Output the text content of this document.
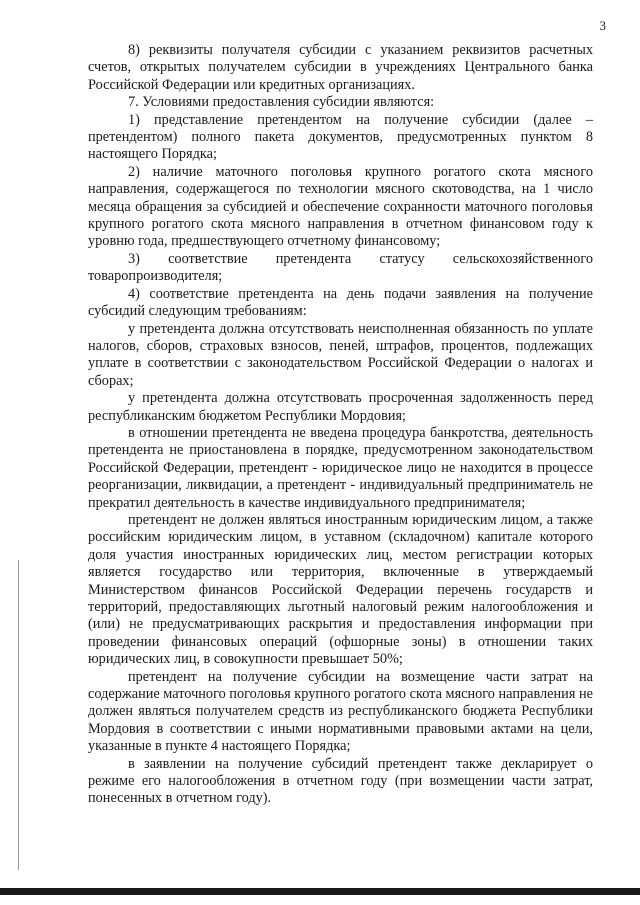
3

8) реквизиты получателя субсидии с указанием реквизитов расчетных счетов, открытых получателем субсидии в учреждениях Центрального банка Российской Федерации или кредитных организациях.

7. Условиями предоставления субсидии являются:

1) представление претендентом на получение субсидии (далее – претендентом) полного пакета документов, предусмотренных пунктом 8 настоящего Порядка;

2) наличие маточного поголовья крупного рогатого скота мясного направления, содержащегося по технологии мясного скотоводства, на 1 число месяца обращения за субсидией и обеспечение сохранности маточного поголовья крупного рогатого скота мясного направления в отчетном финансовом году к уровню года, предшествующего отчетному финансовому;

3) соответствие претендента статусу сельскохозяйственного товаропроизводителя;

4) соответствие претендента на день подачи заявления на получение субсидий следующим требованиям:

у претендента должна отсутствовать неисполненная обязанность по уплате налогов, сборов, страховых взносов, пеней, штрафов, процентов, подлежащих уплате в соответствии с законодательством Российской Федерации о налогах и сборах;

у претендента должна отсутствовать просроченная задолженность перед республиканским бюджетом Республики Мордовия;

в отношении претендента не введена процедура банкротства, деятельность претендента не приостановлена в порядке, предусмотренном законодательством Российской Федерации, претендент - юридическое лицо не находится в процессе реорганизации, ликвидации, а претендент - индивидуальный предприниматель не прекратил деятельность в качестве индивидуального предпринимателя;

претендент не должен являться иностранным юридическим лицом, а также российским юридическим лицом, в уставном (складочном) капитале которого доля участия иностранных юридических лиц, местом регистрации которых является государство или территория, включенные в утверждаемый Министерством финансов Российской Федерации перечень государств и территорий, предоставляющих льготный налоговый режим налогообложения и (или) не предусматривающих раскрытия и предоставления информации при проведении финансовых операций (офшорные зоны) в отношении таких юридических лиц, в совокупности превышает 50%;

претендент на получение субсидии на возмещение части затрат на содержание маточного поголовья крупного рогатого скота мясного направления не должен являться получателем средств из республиканского бюджета Республики Мордовия в соответствии с иными нормативными правовыми актами на цели, указанные в пункте 4 настоящего Порядка;

в заявлении на получение субсидий претендент также декларирует о режиме его налогообложения в отчетном году (при возмещении части затрат, понесенных в отчетном году).
